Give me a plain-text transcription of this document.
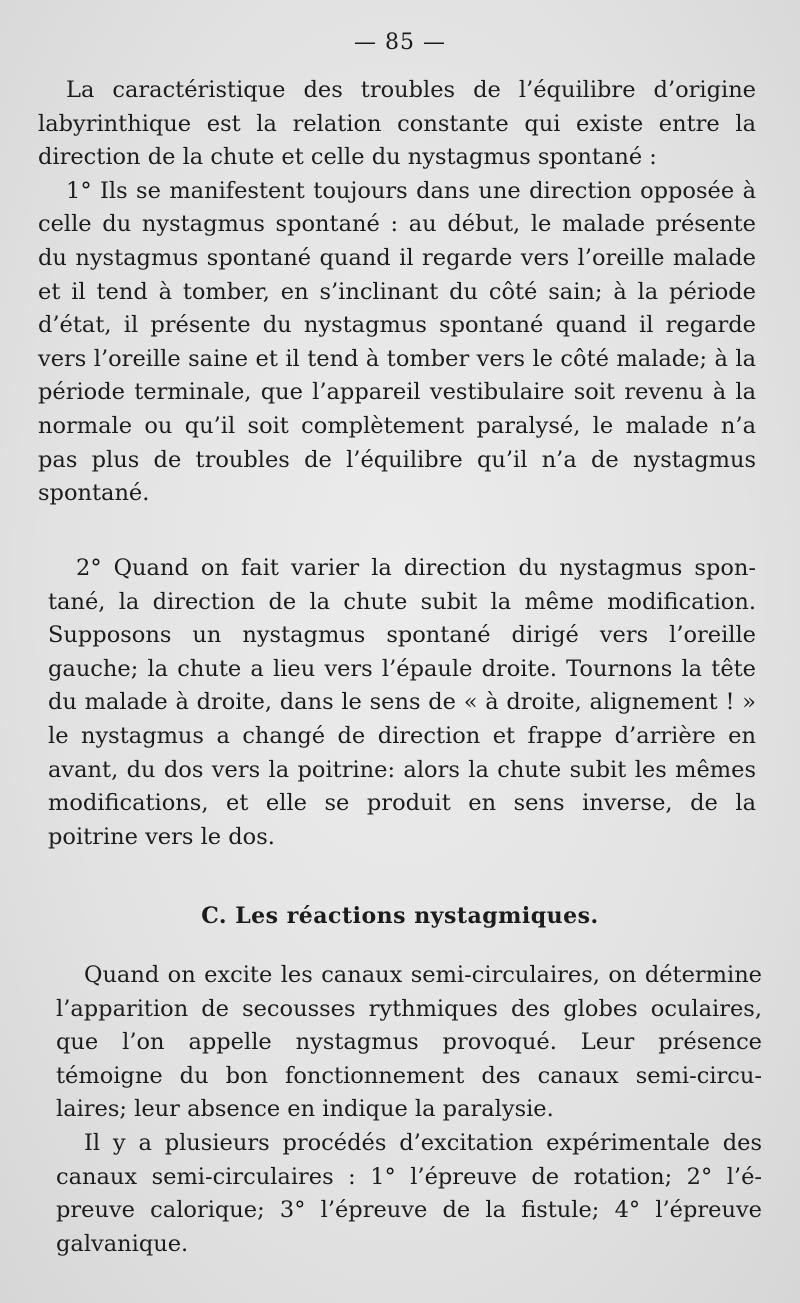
— 85 —

La caractéristique des troubles de l’équilibre d’origine labyrinthique est la relation constante qui existe entre la direction de la chute et celle du nystagmus spontané :

1° Ils se manifestent toujours dans une direction opposée à celle du nystagmus spontané : au début, le malade présente du nystagmus spontané quand il regarde vers l’oreille malade et il tend à tomber, en s’inclinant du côté sain; à la période d’état, il présente du nystagmus spontané quand il regarde vers l’oreille saine et il tend à tomber vers le côté malade; à la période terminale, que l’appareil vestibulaire soit revenu à la normale ou qu’il soit complètement paralysé, le malade n’a pas plus de troubles de l’équilibre qu’il n’a de nystagmus spontané.

2° Quand on fait varier la direction du nystagmus spontané, la direction de la chute subit la même modification. Supposons un nystagmus spontané dirigé vers l’oreille gauche; la chute a lieu vers l’épaule droite. Tournons la tête du malade à droite, dans le sens de « à droite, alignement ! » le nystagmus a changé de direction et frappe d’arrière en avant, du dos vers la poitrine: alors la chute subit les mêmes modifications, et elle se produit en sens inverse, de la poitrine vers le dos.

C. Les réactions nystagmiques.

Quand on excite les canaux semi-circulaires, on détermine l’apparition de secousses rythmiques des globes oculaires, que l’on appelle nystagmus provoqué. Leur présence témoigne du bon fonctionnement des canaux semi-circulaires; leur absence en indique la paralysie.

Il y a plusieurs procédés d’excitation expérimentale des canaux semi-circulaires : 1° l’épreuve de rotation; 2° l’épreuve calorique; 3° l’épreuve de la fistule; 4° l’épreuve galvanique.
